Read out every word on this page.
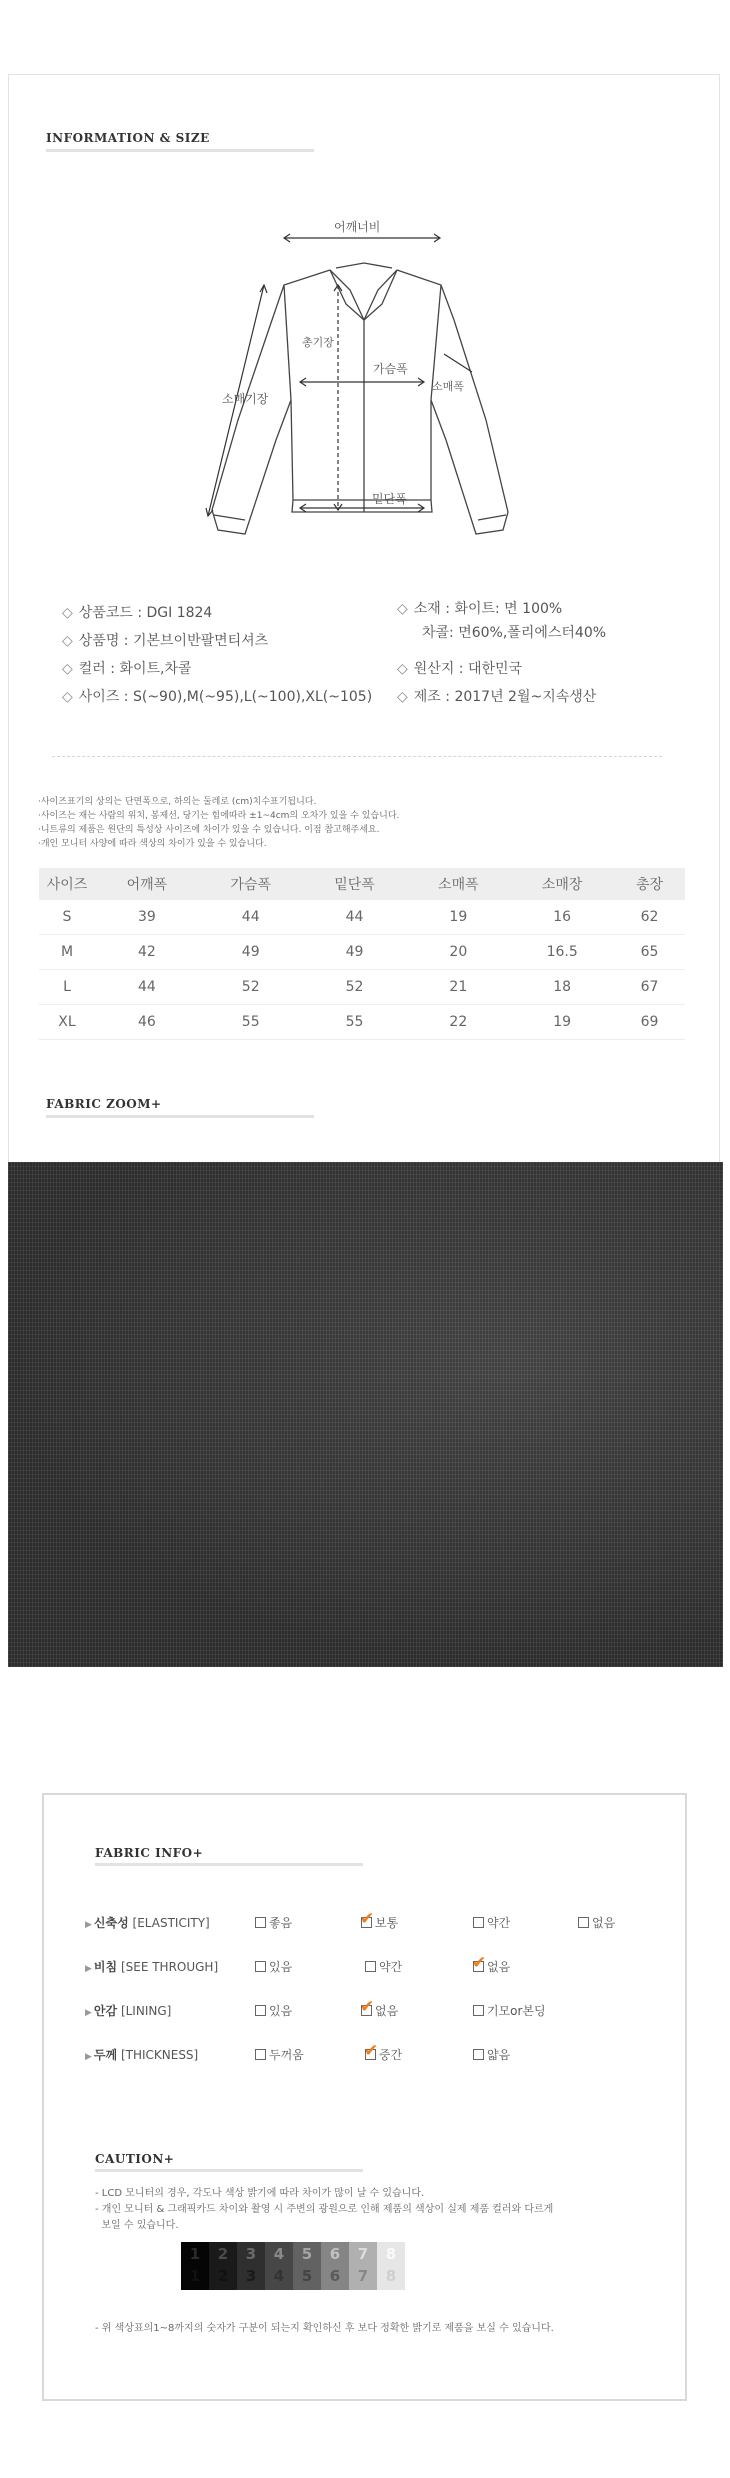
INFORMATION & SIZE
어깨너비
총기장
가슴폭
소매폭
소매기장
밑단폭
◇ 상품코드 : DGI 1824
◇ 상품명 : 기본브이반팔면티셔츠
◇ 컬러 : 화이트,차콜
◇ 사이즈 : S(~90),M(~95),L(~100),XL(~105)
◇ 소재 : 화이트: 면 100%
차콜: 면60%,폴리에스터40%
◇ 원산지 : 대한민국
◇ 제조 : 2017년 2월~지속생산
·사이즈표기의 상의는 단면폭으로, 하의는 둘레로 (cm)치수표기됩니다.
·사이즈는 재는 사람의 위치, 봉제선, 당기는 힘에따라 ±1~4cm의 오차가 있을 수 있습니다.
·니트류의 제품은 원단의 특성상 사이즈에 차이가 있을 수 있습니다. 이점 참고해주세요.
·개인 모니터 사양에 따라 색상의 차이가 있을 수 있습니다.
사이즈	어깨폭	가슴폭	밑단폭	소매폭	소매장	총장
S	39	44	44	19	16	62
M	42	49	49	20	16.5	65
L	44	52	52	21	18	67
XL	46	55	55	22	19	69
FABRIC ZOOM+
FABRIC INFO+
▶ 신축성 [ELASTICITY]	좋음	✔ 보통	약간	없음
▶ 비침 [SEE THROUGH]	있음	약간	✔ 없음
▶ 안감 [LINING]	있음	✔ 없음	기모or본딩
▶ 두께 [THICKNESS]	두꺼움	✔ 중간	얇음
CAUTION+
- LCD 모니터의 경우, 각도나 색상 밝기에 따라 차이가 많이 날 수 있습니다.
- 개인 모니터 & 그래픽카드 차이와 촬영 시 주변의 광원으로 인해 제품의 색상이 실제 제품 컬러와 다르게
보일 수 있습니다.
1
1
2
2
3
3
4
4
5
5
6
6
7
7
8
8
- 위 색상표의1~8까지의 숫자가 구분이 되는지 확인하신 후 보다 정확한 밝기로 제품을 보실 수 있습니다.
